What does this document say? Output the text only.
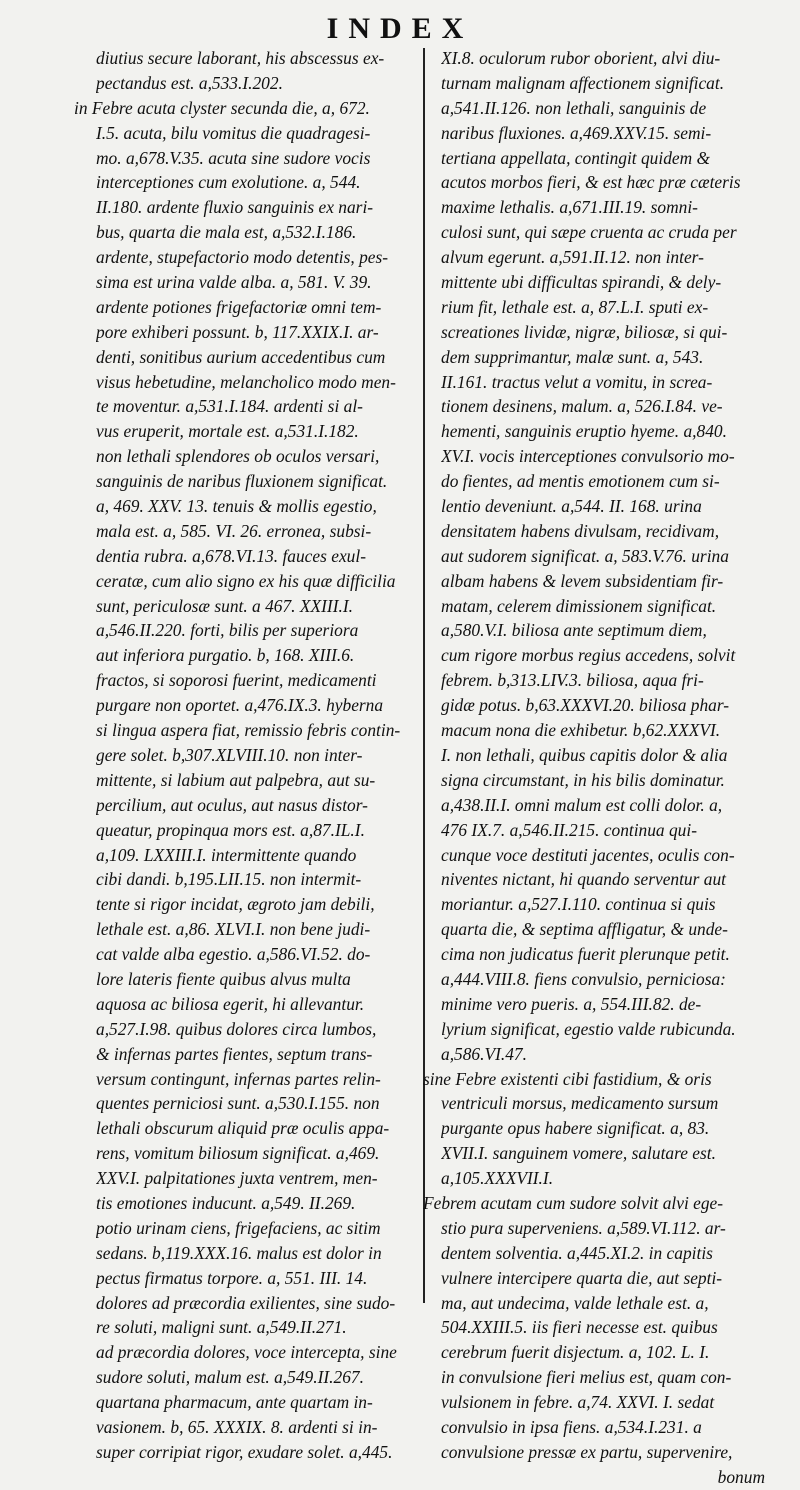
INDEX
diutius secure laborant, his abscessus ex-
pectandus est. a,533.I.202.
in Febre acuta clyster secunda die, a, 672.
I.5. acuta, bilu vomitus die quadragesi-
mo. a,678.V.35. acuta sine sudore vocis
interceptiones cum exolutione. a, 544.
II.180. ardente fluxio sanguinis ex nari-
bus, quarta die mala est, a,532.I.186.
ardente, stupefactorio modo detentis, pes-
sima est urina valde alba. a, 581. V. 39.
ardente potiones frigefactoriæ omni tem-
pore exhiberi possunt. b, 117.XXIX.I. ar-
denti, sonitibus aurium accedentibus cum
visus hebetudine, melancholico modo men-
te moventur. a,531.I.184. ardenti si al-
vus eruperit, mortale est. a,531.I.182.
non lethali splendores ob oculos versari,
sanguinis de naribus fluxionem significat.
a, 469. XXV. 13. tenuis & mollis egestio,
mala est. a, 585. VI. 26. erronea, subsi-
dentia rubra. a,678.VI.13. fauces exul-
ceratæ, cum alio signo ex his quæ difficilia
sunt, periculosæ sunt. a 467. XXIII.I.
a,546.II.220. forti, bilis per superiora
aut inferiora purgatio. b, 168. XIII.6.
fractos, si soporosi fuerint, medicamenti
purgare non oportet. a,476.IX.3. hyberna
si lingua aspera fiat, remissio febris contin-
gere solet. b,307.XLVIII.10. non inter-
mittente, si labium aut palpebra, aut su-
percilium, aut oculus, aut nasus distor-
queatur, propinqua mors est. a,87.IL.I.
a,109. LXXIII.I. intermittente quando
cibi dandi. b,195.LII.15. non intermit-
tente si rigor incidat, ægroto jam debili,
lethale est. a,86. XLVI.I. non bene judi-
cat valde alba egestio. a,586.VI.52. do-
lore lateris fiente quibus alvus multa
aquosa ac biliosa egerit, hi allevantur.
a,527.I.98. quibus dolores circa lumbos,
& infernas partes fientes, septum trans-
versum contingunt, infernas partes relin-
quentes perniciosi sunt. a,530.I.155. non
lethali obscurum aliquid præ oculis appa-
rens, vomitum biliosum significat. a,469.
XXV.I. palpitationes juxta ventrem, men-
tis emotiones inducunt. a,549. II.269.
potio urinam ciens, frigefaciens, ac sitim
sedans. b,119.XXX.16. malus est dolor in
pectus firmatus torpore. a, 551. III. 14.
dolores ad præcordia exilientes, sine sudo-
re soluti, maligni sunt. a,549.II.271.
ad præcordia dolores, voce intercepta, sine
sudore soluti, malum est. a,549.II.267.
quartana pharmacum, ante quartam in-
vasionem. b, 65. XXXIX. 8. ardenti si in-
super corripiat rigor, exudare solet. a,445.
XI.8. oculorum rubor oborient, alvi diu-
turnam malignam affectionem significat.
a,541.II.126. non lethali, sanguinis de
naribus fluxiones. a,469.XXV.15. semi-
tertiana appellata, contingit quidem &
acutos morbos fieri, & est hæc præ cæteris
maxime lethalis. a,671.III.19. somni-
culosi sunt, qui sæpe cruenta ac cruda per
alvum egerunt. a,591.II.12. non inter-
mittente ubi difficultas spirandi, & dely-
rium fit, lethale est. a, 87.L.I. sputi ex-
screationes lividæ, nigræ, biliosæ, si qui-
dem supprimantur, malæ sunt. a, 543.
II.161. tractus velut a vomitu, in screa-
tionem desinens, malum. a, 526.I.84. ve-
hementi, sanguinis eruptio hyeme. a,840.
XV.I. vocis interceptiones convulsorio mo-
do fientes, ad mentis emotionem cum si-
lentio deveniunt. a,544. II. 168. urina
densitatem habens divulsam, recidivam,
aut sudorem significat. a, 583.V.76. urina
albam habens & levem subsidentiam fir-
matam, celerem dimissionem significat.
a,580.V.I. biliosa ante septimum diem,
cum rigore morbus regius accedens, solvit
febrem. b,313.LIV.3. biliosa, aqua fri-
gidæ potus. b,63.XXXVI.20. biliosa phar-
macum nona die exhibetur. b,62.XXXVI.
I. non lethali, quibus capitis dolor & alia
signa circumstant, in his bilis dominatur.
a,438.II.I. omni malum est colli dolor. a,
476 IX.7. a,546.II.215. continua qui-
cunque voce destituti jacentes, oculis con-
niventes nictant, hi quando serventur aut
moriantur. a,527.I.110. continua si quis
quarta die, & septima affligatur, & unde-
cima non judicatus fuerit plerunque petit.
a,444.VIII.8. fiens convulsio, perniciosa:
minime vero pueris. a, 554.III.82. de-
lyrium significat, egestio valde rubicunda.
a,586.VI.47.
sine Febre existenti cibi fastidium, & oris
ventriculi morsus, medicamento sursum
purgante opus habere significat. a, 83.
XVII.I. sanguinem vomere, salutare est.
a,105.XXXVII.I.
Febrem acutam cum sudore solvit alvi ege-
stio pura superveniens. a,589.VI.112. ar-
dentem solventia. a,445.XI.2. in capitis
vulnere intercipere quarta die, aut septi-
ma, aut undecima, valde lethale est. a,
504.XXIII.5. iis fieri necesse est. quibus
cerebrum fuerit disjectum. a, 102. L. I.
in convulsione fieri melius est, quam con-
vulsionem in febre. a,74. XXVI. I. sedat
convulsio in ipsa fiens. a,534.I.231. a
convulsione pressæ ex partu, supervenire,
bonum
